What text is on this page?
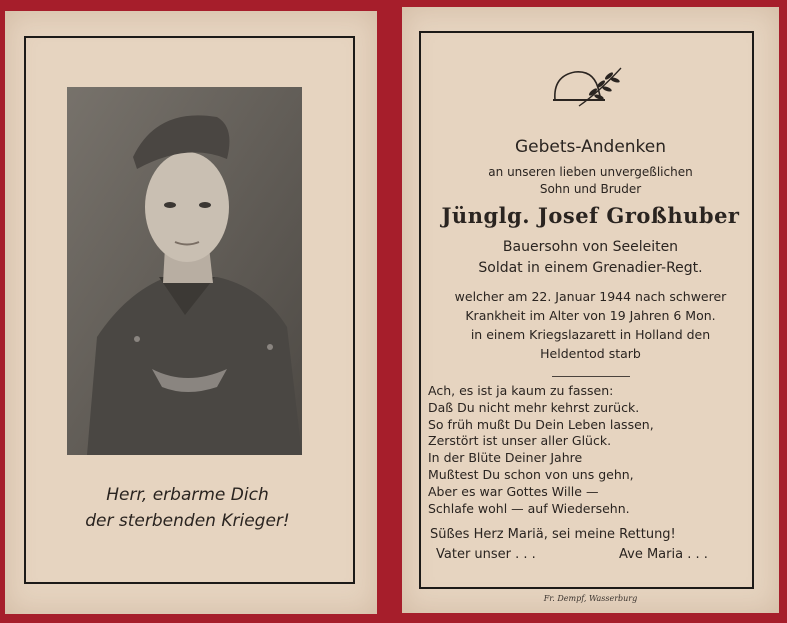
Herr, erbarme Dich
der sterbenden Krieger!
Gebets-Andenken
an unseren lieben unvergeßlichen
Sohn und Bruder
Jünglg. Josef Großhuber
Bauersohn von Seeleiten
Soldat in einem Grenadier-Regt.
welcher am 22. Januar 1944 nach schwerer
Krankheit im Alter von 19 Jahren 6 Mon.
in einem Kriegslazarett in Holland den
Heldentod starb
Ach, es ist ja kaum zu fassen:
Daß Du nicht mehr kehrst zurück.
So früh mußt Du Dein Leben lassen,
Zerstört ist unser aller Glück.
In der Blüte Deiner Jahre
Mußtest Du schon von uns gehn,
Aber es war Gottes Wille —
Schlafe wohl — auf Wiedersehn.
Süßes Herz Mariä, sei meine Rettung!
Vater unser . . .	Ave Maria . . .
Fr. Dempf, Wasserburg
